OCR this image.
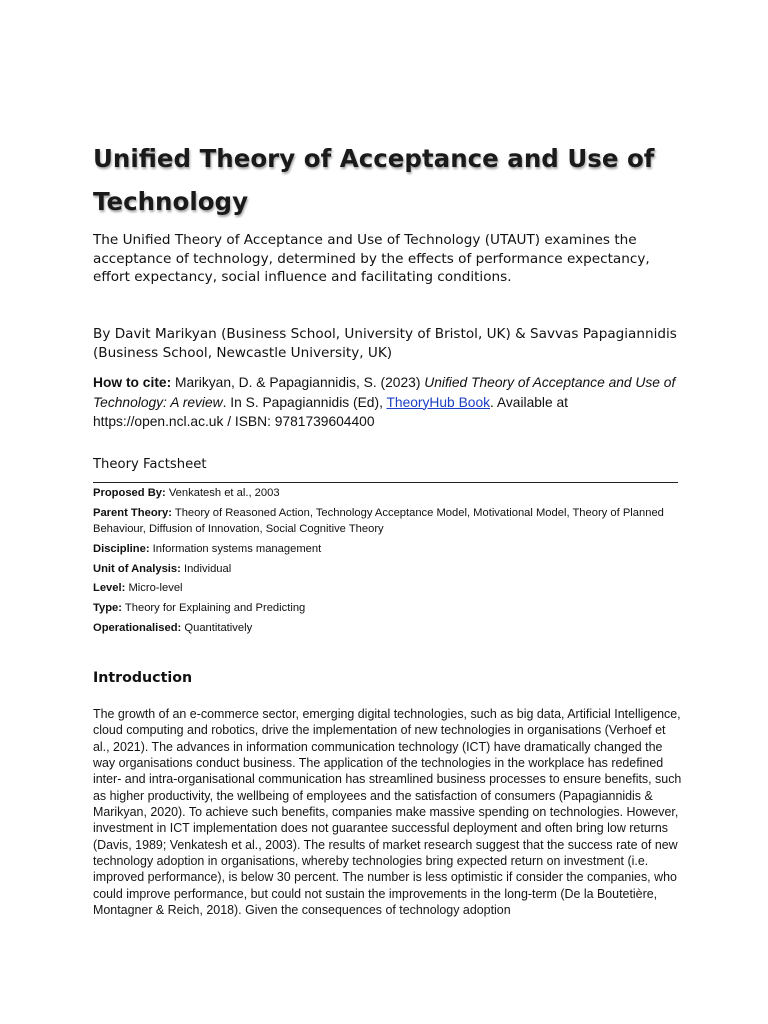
Unified Theory of Acceptance and Use of Technology

The Unified Theory of Acceptance and Use of Technology (UTAUT) examines the acceptance of technology, determined by the effects of performance expectancy, effort expectancy, social influence and facilitating conditions.

By Davit Marikyan (Business School, University of Bristol, UK) & Savvas Papagiannidis (Business School, Newcastle University, UK)

How to cite: Marikyan, D. & Papagiannidis, S. (2023) Unified Theory of Acceptance and Use of Technology: A review. In S. Papagiannidis (Ed), TheoryHub Book. Available at https://open.ncl.ac.uk / ISBN: 9781739604400

Theory Factsheet
Proposed By: Venkatesh et al., 2003
Parent Theory: Theory of Reasoned Action, Technology Acceptance Model, Motivational Model, Theory of Planned Behaviour, Diffusion of Innovation, Social Cognitive Theory
Discipline: Information systems management
Unit of Analysis: Individual
Level: Micro-level
Type: Theory for Explaining and Predicting
Operationalised: Quantitatively
Introduction

The growth of an e-commerce sector, emerging digital technologies, such as big data, Artificial Intelligence, cloud computing and robotics, drive the implementation of new technologies in organisations (Verhoef et al., 2021). The advances in information communication technology (ICT) have dramatically changed the way organisations conduct business. The application of the technologies in the workplace has redefined inter- and intra-organisational communication has streamlined business processes to ensure benefits, such as higher productivity, the wellbeing of employees and the satisfaction of consumers (Papagiannidis & Marikyan, 2020). To achieve such benefits, companies make massive spending on technologies. However, investment in ICT implementation does not guarantee successful deployment and often bring low returns (Davis, 1989; Venkatesh et al., 2003). The results of market research suggest that the success rate of new technology adoption in organisations, whereby technologies bring expected return on investment (i.e. improved performance), is below 30 percent. The number is less optimistic if consider the companies, who could improve performance, but could not sustain the improvements in the long-term (De la Boutetière, Montagner & Reich, 2018). Given the consequences of technology adoption
